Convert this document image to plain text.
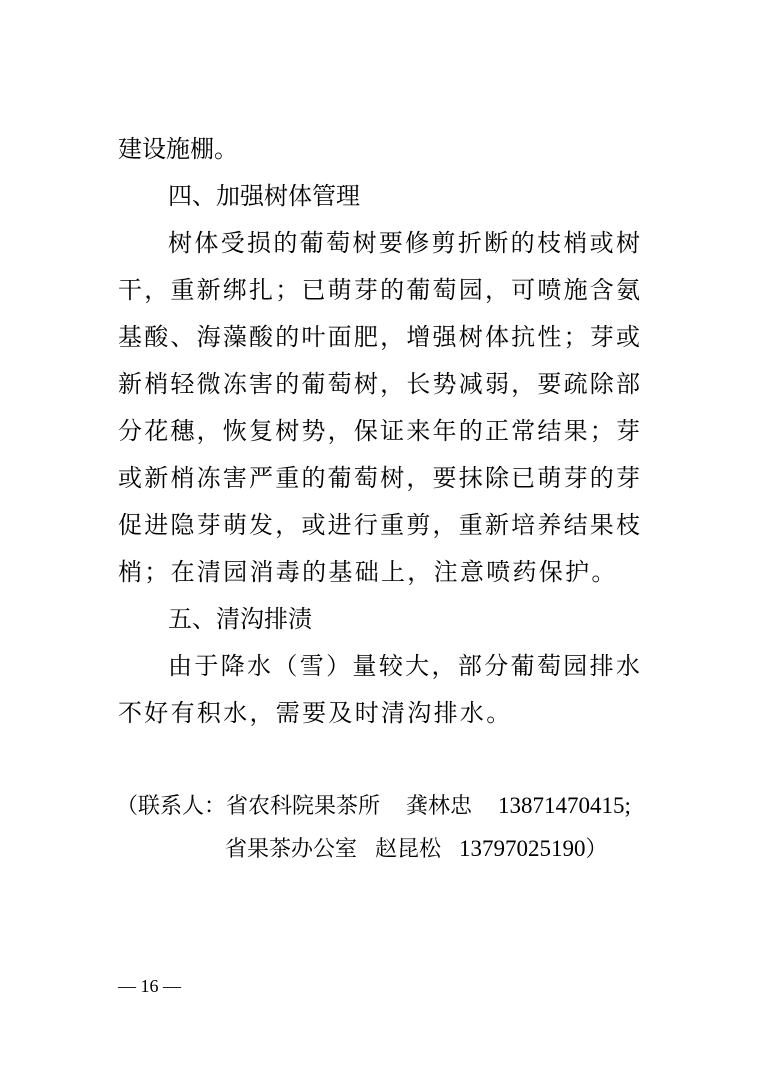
建设施棚。
四、加强树体管理
树体受损的葡萄树要修剪折断的枝梢或树
干，重新绑扎；已萌芽的葡萄园，可喷施含氨
基酸、海藻酸的叶面肥，增强树体抗性；芽或
新梢轻微冻害的葡萄树，长势减弱，要疏除部
分花穗，恢复树势，保证来年的正常结果；芽
或新梢冻害严重的葡萄树，要抹除已萌芽的芽
促进隐芽萌发，或进行重剪，重新培养结果枝
梢；在清园消毒的基础上，注意喷药保护。
五、清沟排渍
由于降水（雪）量较大，部分葡萄园排水
不好有积水，需要及时清沟排水。
（联系人：省农科院果茶所 龚林忠 13871470415;
省果茶办公室 赵昆松 13797025190）
— 16 —
